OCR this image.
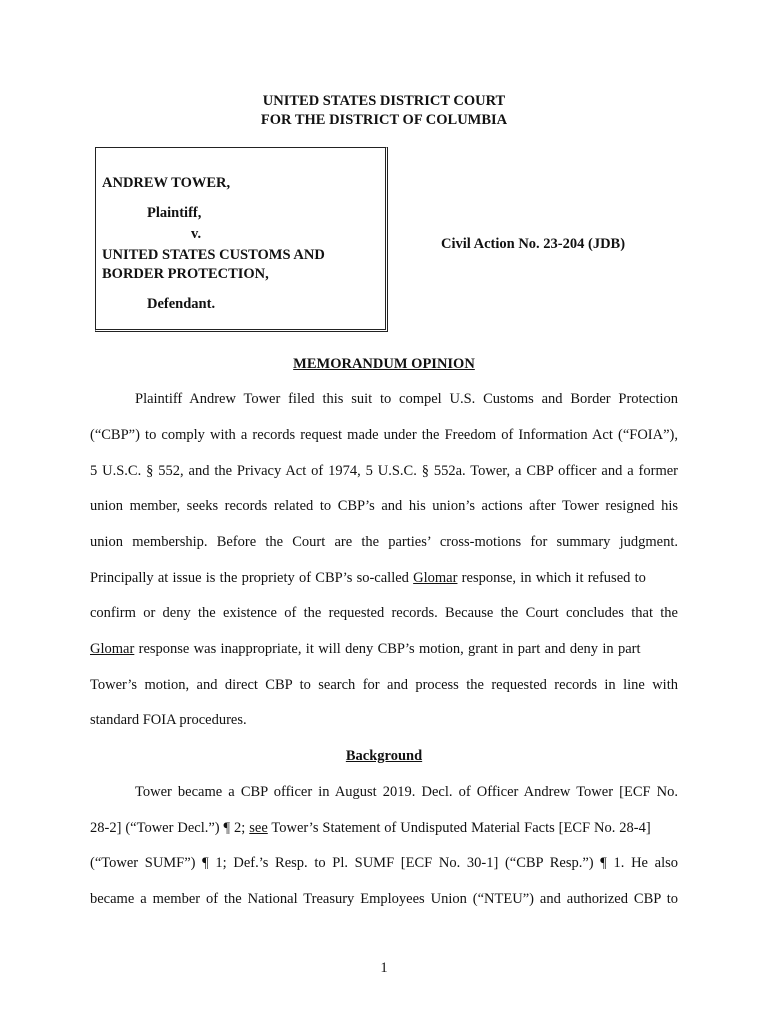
UNITED STATES DISTRICT COURT
FOR THE DISTRICT OF COLUMBIA
ANDREW TOWER,
Plaintiff,
v.
UNITED STATES CUSTOMS AND
BORDER PROTECTION,
Defendant.
Civil Action No. 23-204 (JDB)
MEMORANDUM OPINION
Plaintiff Andrew Tower filed this suit to compel U.S. Customs and Border Protection
(“CBP”) to comply with a records request made under the Freedom of Information Act (“FOIA”),
5 U.S.C. § 552, and the Privacy Act of 1974, 5 U.S.C. § 552a. Tower, a CBP officer and a former
union member, seeks records related to CBP’s and his union’s actions after Tower resigned his
union membership. Before the Court are the parties’ cross-motions for summary judgment.
Principally at issue is the propriety of CBP’s so-called Glomar response, in which it refused to
confirm or deny the existence of the requested records. Because the Court concludes that the
Glomar response was inappropriate, it will deny CBP’s motion, grant in part and deny in part
Tower’s motion, and direct CBP to search for and process the requested records in line with
standard FOIA procedures.
Background
Tower became a CBP officer in August 2019. Decl. of Officer Andrew Tower [ECF No.
28-2] (“Tower Decl.”) ¶ 2; see Tower’s Statement of Undisputed Material Facts [ECF No. 28-4]
(“Tower SUMF”) ¶ 1; Def.’s Resp. to Pl. SUMF [ECF No. 30-1] (“CBP Resp.”) ¶ 1. He also
became a member of the National Treasury Employees Union (“NTEU”) and authorized CBP to
1
